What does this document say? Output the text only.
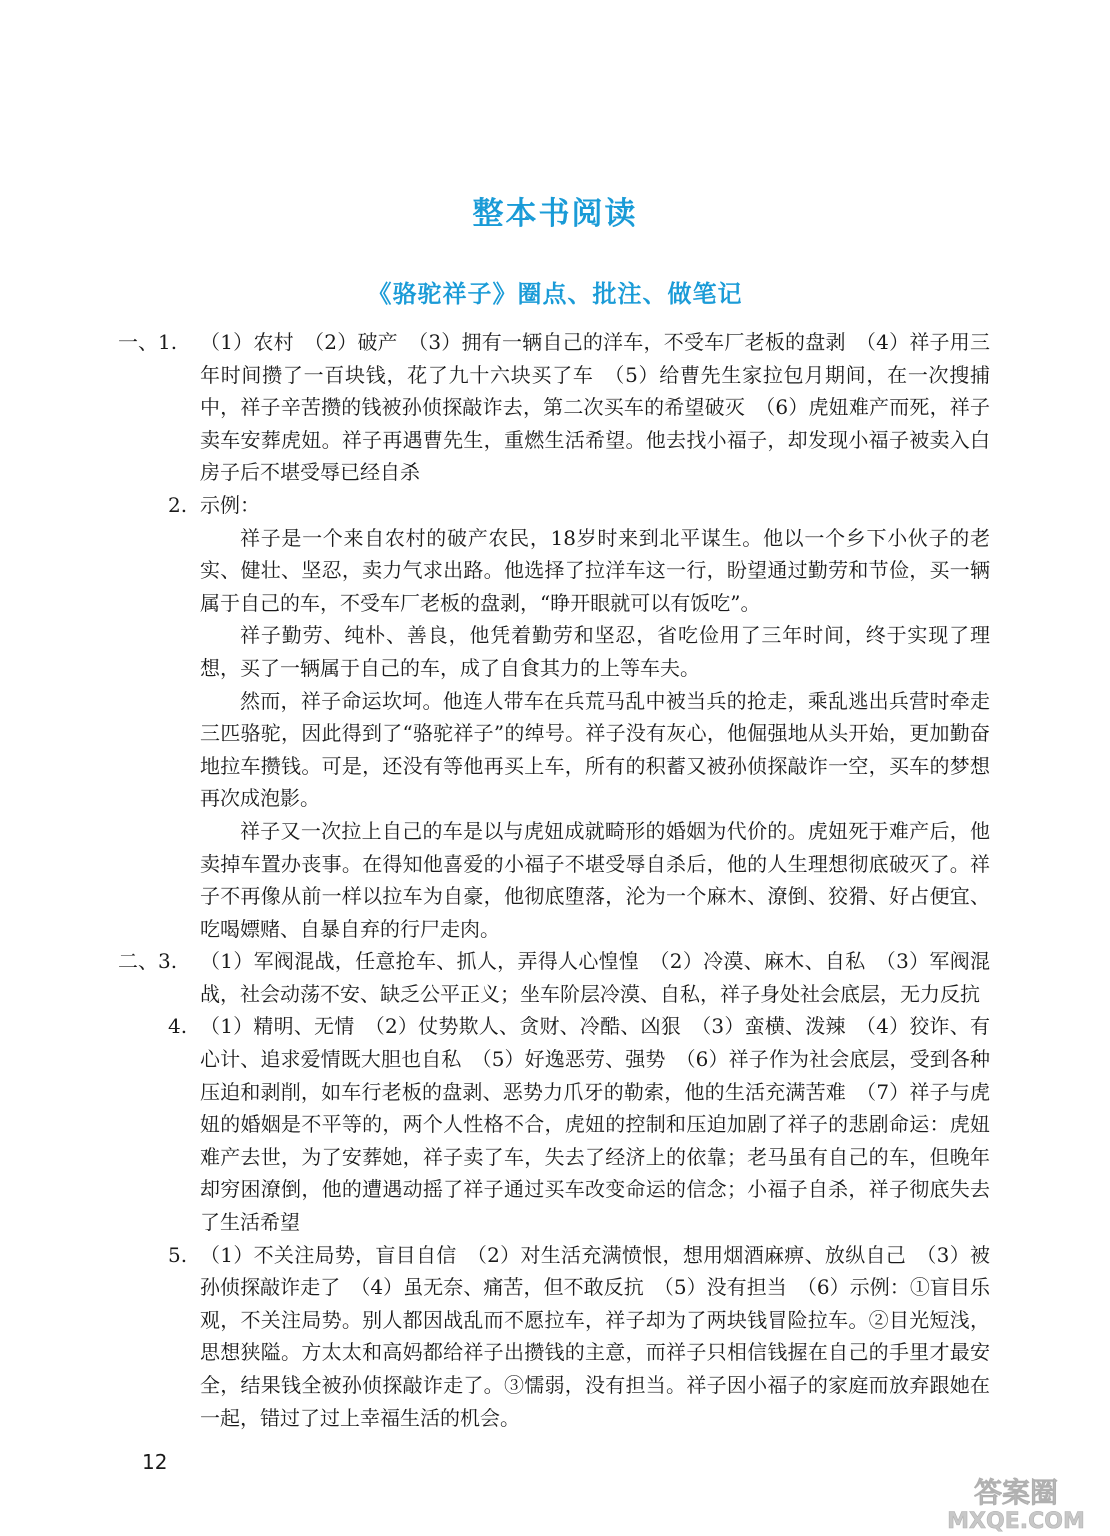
整本书阅读
《骆驼祥子》圈点、批注、做笔记
一、1. （1）农村　（2）破产　（3）拥有一辆自己的洋车，不受车厂老板的盘剥　（4）祥子用三年时间攒了一百块钱，花了九十六块买了车　（5）给曹先生家拉包月期间，在一次搜捕中，祥子辛苦攒的钱被孙侦探敲诈去，第二次买车的希望破灭　（6）虎妞难产而死，祥子卖车安葬虎妞。祥子再遇曹先生，重燃生活希望。他去找小福子，却发现小福子被卖入白房子后不堪受辱已经自杀
2. 示例：
祥子是一个来自农村的破产农民，18岁时来到北平谋生。他以一个乡下小伙子的老实、健壮、坚忍，卖力气求出路。他选择了拉洋车这一行，盼望通过勤劳和节俭，买一辆属于自己的车，不受车厂老板的盘剥，“睁开眼就可以有饭吃”。
祥子勤劳、纯朴、善良，他凭着勤劳和坚忍，省吃俭用了三年时间，终于实现了理想，买了一辆属于自己的车，成了自食其力的上等车夫。
然而，祥子命运坎坷。他连人带车在兵荒马乱中被当兵的抢走，乘乱逃出兵营时牵走三匹骆驼，因此得到了“骆驼祥子”的绰号。祥子没有灰心，他倔强地从头开始，更加勤奋地拉车攒钱。可是，还没有等他再买上车，所有的积蓄又被孙侦探敲诈一空，买车的梦想再次成泡影。
祥子又一次拉上自己的车是以与虎妞成就畸形的婚姻为代价的。虎妞死于难产后，他卖掉车置办丧事。在得知他喜爱的小福子不堪受辱自杀后，他的人生理想彻底破灭了。祥子不再像从前一样以拉车为自豪，他彻底堕落，沦为一个麻木、潦倒、狡猾、好占便宜、吃喝嫖赌、自暴自弃的行尸走肉。
二、3. （1）军阀混战，任意抢车、抓人，弄得人心惶惶　（2）冷漠、麻木、自私　（3）军阀混战，社会动荡不安、缺乏公平正义；坐车阶层冷漠、自私，祥子身处社会底层，无力反抗
4. （1）精明、无情　（2）仗势欺人、贪财、冷酷、凶狠　（3）蛮横、泼辣　（4）狡诈、有心计、追求爱情既大胆也自私　（5）好逸恶劳、强势　（6）祥子作为社会底层，受到各种压迫和剥削，如车行老板的盘剥、恶势力爪牙的勒索，他的生活充满苦难　（7）祥子与虎妞的婚姻是不平等的，两个人性格不合，虎妞的控制和压迫加剧了祥子的悲剧命运：虎妞难产去世，为了安葬她，祥子卖了车，失去了经济上的依靠；老马虽有自己的车，但晚年却穷困潦倒，他的遭遇动摇了祥子通过买车改变命运的信念；小福子自杀，祥子彻底失去了生活希望
5. （1）不关注局势，盲目自信　（2）对生活充满愤恨，想用烟酒麻痹、放纵自己　（3）被孙侦探敲诈走了　（4）虽无奈、痛苦，但不敢反抗　（5）没有担当　（6）示例：①盲目乐观，不关注局势。别人都因战乱而不愿拉车，祥子却为了两块钱冒险拉车。②目光短浅，思想狭隘。方太太和高妈都给祥子出攒钱的主意，而祥子只相信钱握在自己的手里才最安全，结果钱全被孙侦探敲诈走了。③懦弱，没有担当。祥子因小福子的家庭而放弃跟她在一起，错过了过上幸福生活的机会。
12
答案圈
MXQE.COM
